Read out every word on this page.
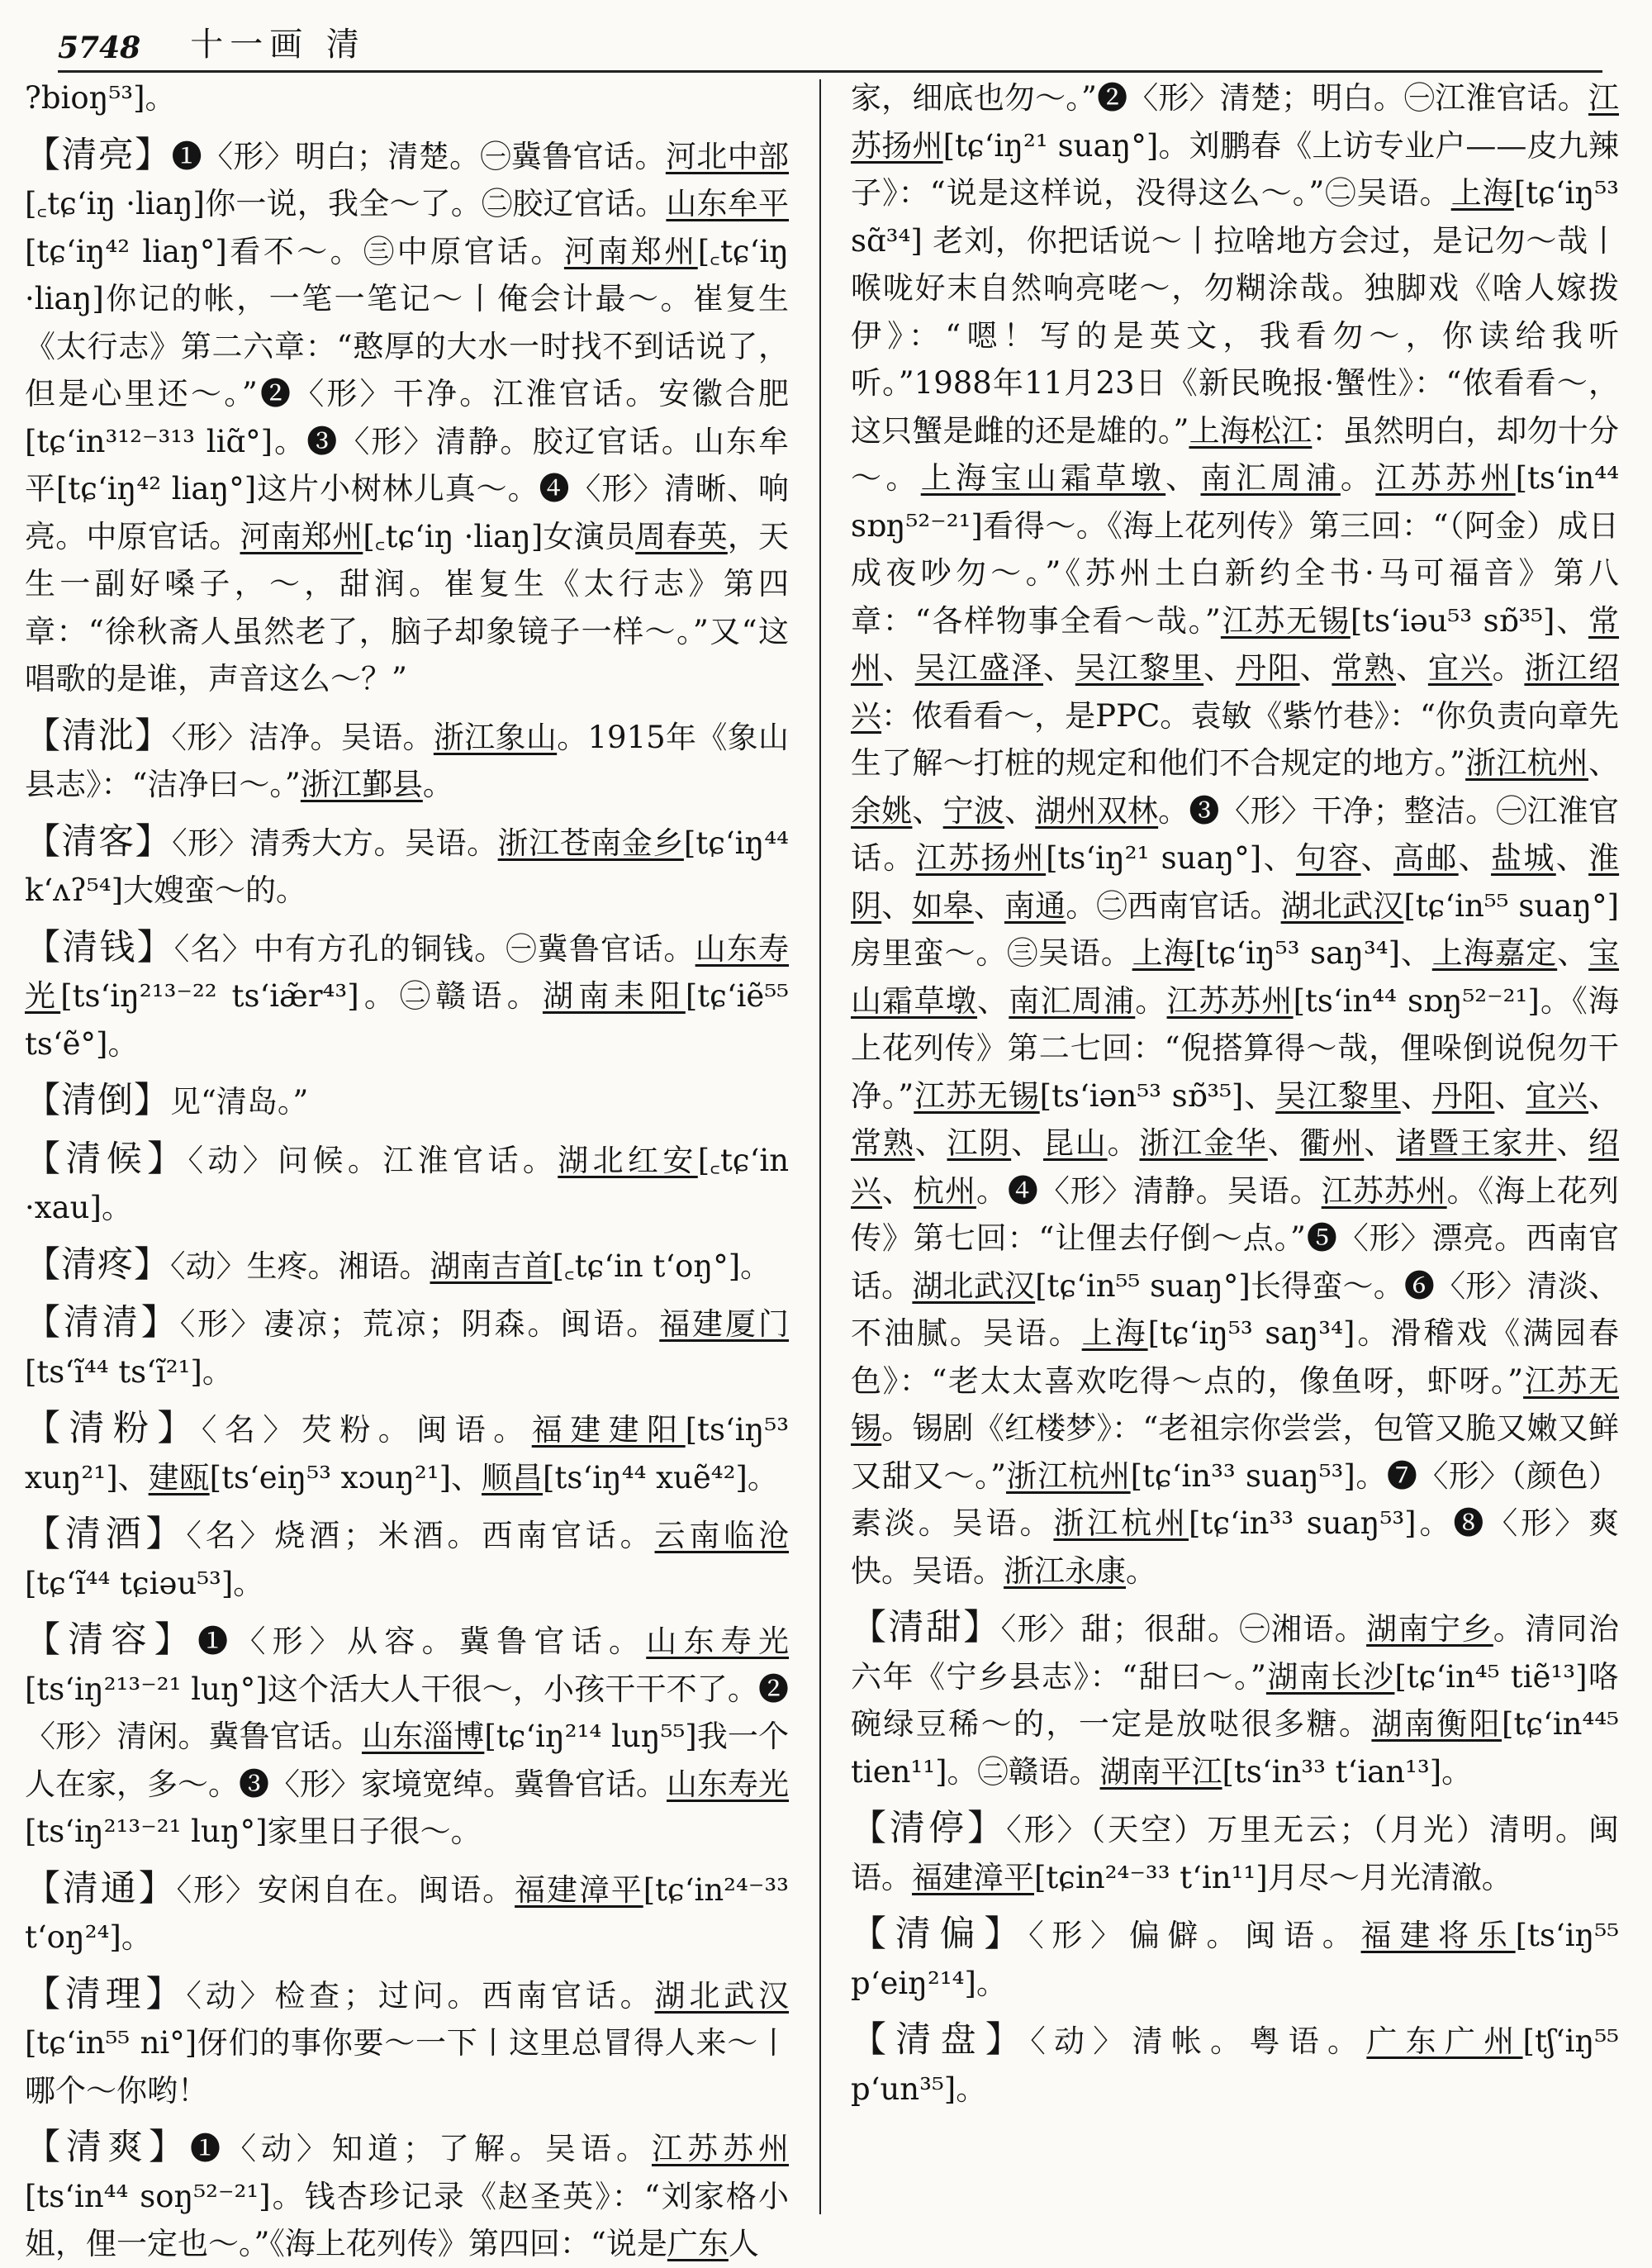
5748 十一画 清

?bioŋ⁵³]。

【清亮】❶〈形〉明白；清楚。㊀冀鲁官话。河北中部[꜀tɕʻiŋ ·liaŋ]你一说，我全～了。㊁胶辽官话。山东牟平[tɕʻiŋ⁴² liaŋ°]看不～。㊂中原官话。河南郑州[꜀tɕʻiŋ ·liaŋ]你记的帐，一笔一笔记～丨俺会计最～。崔复生《太行志》第二六章：“憨厚的大水一时找不到话说了，但是心里还～。”❷〈形〉干净。江淮官话。安徽合肥[tɕʻin³¹²⁻³¹³ liɑ̃°]。❸〈形〉清静。胶辽官话。山东牟平[tɕʻiŋ⁴² liaŋ°]这片小树林儿真～。❹〈形〉清晰、响亮。中原官话。河南郑州[꜀tɕʻiŋ ·liaŋ]女演员周春英，天生一副好嗓子，～，甜润。崔复生《太行志》第四章：“徐秋斋人虽然老了，脑子却象镜子一样～。”又“这唱歌的是谁，声音这么～？”

【清沘】〈形〉洁净。吴语。浙江象山。1915年《象山县志》：“洁净曰～。”浙江鄞县。

【清客】〈形〉清秀大方。吴语。浙江苍南金乡[tɕʻiŋ⁴⁴ kʻʌʔ⁵⁴]大嫂蛮～的。

【清钱】〈名〉中有方孔的铜钱。㊀冀鲁官话。山东寿光[tsʻiŋ²¹³⁻²² tsʻiæ̃r⁴³]。㊁赣语。湖南耒阳[tɕʻiẽ⁵⁵ tsʻẽ°]。

【清倒】见“清岛。”

【清候】〈动〉问候。江淮官话。湖北红安[꜀tɕʻin ·xau]。

【清疼】〈动〉生疼。湘语。湖南吉首[꜀tɕʻin tʻoŋ°]。

【清清】〈形〉凄凉；荒凉；阴森。闽语。福建厦门[tsʻĩ⁴⁴ tsʻĩ²¹]。

【清粉】〈名〉芡粉。闽语。福建建阳[tsʻiŋ⁵³ xuŋ²¹]、建瓯[tsʻeiŋ⁵³ xɔuŋ²¹]、顺昌[tsʻiŋ⁴⁴ xuẽ⁴²]。

【清酒】〈名〉烧酒；米酒。西南官话。云南临沧[tɕʻĩ⁴⁴ tɕiəu⁵³]。

【清容】❶〈形〉从容。冀鲁官话。山东寿光[tsʻiŋ²¹³⁻²¹ luŋ°]这个活大人干很～，小孩干干不了。❷〈形〉清闲。冀鲁官话。山东淄博[tɕʻiŋ²¹⁴ luŋ⁵⁵]我一个人在家，多～。❸〈形〉家境宽绰。冀鲁官话。山东寿光[tsʻiŋ²¹³⁻²¹ luŋ°]家里日子很～。

【清通】〈形〉安闲自在。闽语。福建漳平[tɕʻin²⁴⁻³³ tʻoŋ²⁴]。

【清理】〈动〉检查；过问。西南官话。湖北武汉[tɕʻin⁵⁵ ni°]伢们的事你要～一下丨这里总冒得人来～丨哪个～你哟！

【清爽】❶〈动〉知道；了解。吴语。江苏苏州[tsʻin⁴⁴ soŋ⁵²⁻²¹]。钱杏珍记录《赵圣英》：“刘家格小姐，俚一定也～。”《海上花列传》第四回：“说是广东人

家，细底也勿～。”❷〈形〉清楚；明白。㊀江淮官话。江苏扬州[tɕʻiŋ²¹ suaŋ°]。刘鹏春《上访专业户——皮九辣子》：“说是这样说，没得这么～。”㊁吴语。上海[tɕʻiŋ⁵³ sɑ̃³⁴] 老刘，你把话说～丨拉啥地方会过，是记勿～哉丨喉咙好末自然响亮咾～，勿糊涂哉。独脚戏《啥人嫁拨伊》：“嗯！写的是英文，我看勿～，你读给我听听。”1988年11月23日《新民晚报·蟹性》：“侬看看～，这只蟹是雌的还是雄的。”上海松江：虽然明白，却勿十分～。上海宝山霜草墩、南汇周浦。江苏苏州[tsʻin⁴⁴ sɒŋ⁵²⁻²¹]看得～。《海上花列传》第三回：“（阿金）成日成夜吵勿～。”《苏州土白新约全书·马可福音》第八章：“各样物事全看～哉。”江苏无锡[tsʻiəu⁵³ sɒ̃³⁵]、常州、吴江盛泽、吴江黎里、丹阳、常熟、宜兴。浙江绍兴：侬看看～，是PPC。袁敏《紫竹巷》：“你负责向章先生了解～打桩的规定和他们不合规定的地方。”浙江杭州、余姚、宁波、湖州双林。❸〈形〉干净；整洁。㊀江淮官话。江苏扬州[tsʻiŋ²¹ suaŋ°]、句容、高邮、盐城、淮阴、如皋、南通。㊁西南官话。湖北武汉[tɕʻin⁵⁵ suaŋ°]房里蛮～。㊂吴语。上海[tɕʻiŋ⁵³ saŋ³⁴]、上海嘉定、宝山霜草墩、南汇周浦。江苏苏州[tsʻin⁴⁴ sɒŋ⁵²⁻²¹]。《海上花列传》第二七回：“倪搭算得～哉，俚哚倒说倪勿干净。”江苏无锡[tsʻiən⁵³ sɒ̃³⁵]、吴江黎里、丹阳、宜兴、常熟、江阴、昆山。浙江金华、衢州、诸暨王家井、绍兴、杭州。❹〈形〉清静。吴语。江苏苏州。《海上花列传》第七回：“让俚去仔倒～点。”❺〈形〉漂亮。西南官话。湖北武汉[tɕʻin⁵⁵ suaŋ°]长得蛮～。❻〈形〉清淡、不油腻。吴语。上海[tɕʻiŋ⁵³ saŋ³⁴]。滑稽戏《满园春色》：“老太太喜欢吃得～点的，像鱼呀，虾呀。”江苏无锡。锡剧《红楼梦》：“老祖宗你尝尝，包管又脆又嫩又鲜又甜又～。”浙江杭州[tɕʻin³³ suaŋ⁵³]。❼〈形〉（颜色）素淡。吴语。浙江杭州[tɕʻin³³ suaŋ⁵³]。❽〈形〉爽快。吴语。浙江永康。

【清甜】〈形〉甜；很甜。㊀湘语。湖南宁乡。清同治六年《宁乡县志》：“甜曰～。”湖南长沙[tɕʻin⁴⁵ tiẽ¹³]咯碗绿豆稀～的，一定是放哒很多糖。湖南衡阳[tɕʻin⁴⁴⁵ tien¹¹]。㊁赣语。湖南平江[tsʻin³³ tʻian¹³]。

【清停】〈形〉（天空）万里无云；（月光）清明。闽语。福建漳平[tɕin²⁴⁻³³ tʻin¹¹]月尽～月光清澈。

【清偏】〈形〉偏僻。闽语。福建将乐[tsʻiŋ⁵⁵ pʻeiŋ²¹⁴]。

【清盘】〈动〉清帐。粤语。广东广州[tʃʻiŋ⁵⁵ pʻun³⁵]。
